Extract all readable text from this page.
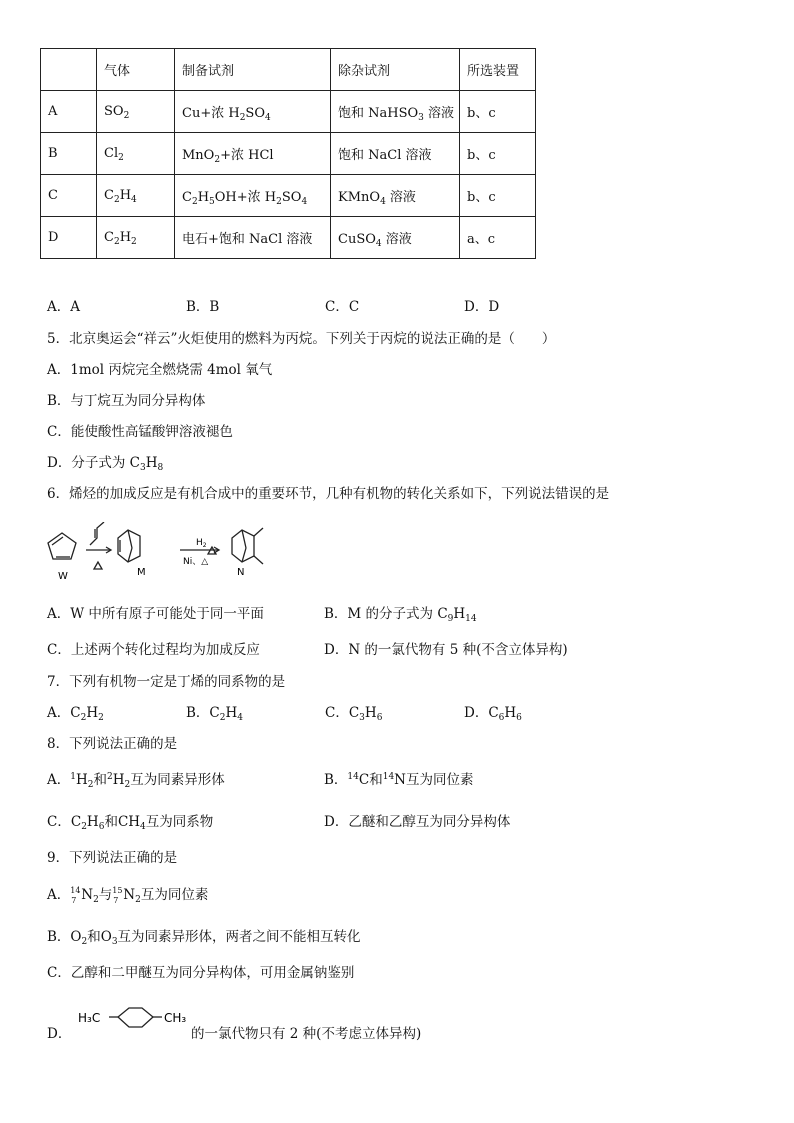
	气体	制备试剂	除杂试剂	所选装置
A	$SO_2$	Cu+浓 $H_2SO_4$	饱和 NaHSO$_3$ 溶液	b、c
B	$Cl_2$	MnO$_2$+浓 HCl	饱和 NaCl 溶液	b、c
C	$C_2H_4$	$C_2H_5OH+$浓 $H_2SO_4$	KMnO$_4$ 溶液	b、c
D	$C_2H_2$	电石+饱和 NaCl 溶液	CuSO$_4$ 溶液	a、c
A．A	B．B	C．C	D．D
5．北京奥运会“祥云”火炬使用的燃料为丙烷。下列关于丙烷的说法正确的是（　　）
A．1mol 丙烷完全燃烧需 4mol 氧气
B．与丁烷互为同分异构体
C．能使酸性高锰酸钾溶液褪色
D．分子式为 $C_3H_8$
6．烯烃的加成反应是有机合成中的重要环节，几种有机物的转化关系如下，下列说法错误的是
W	M	N
$H_2$
Ni、△
A．W 中所有原子可能处于同一平面	B．M 的分子式为 $C_9H_{14}$
C．上述两个转化过程均为加成反应	D．N 的一氯代物有 5 种(不含立体异构)
7．下列有机物一定是丁烯的同系物的是
A．$C_2H_2$	B．$C_2H_4$	C．$C_3H_6$	D．$C_6H_6$
8．下列说法正确的是
A．$^1H_2$和$^2H_2$互为同素异形体	B．$^{14}$C和$^{14}$N互为同位素
C．$C_2H_6$和$CH_4$互为同系物	D．乙醚和乙醇互为同分异构体
9．下列说法正确的是
A． 14
7 $N_2$与 15
7 $N_2$互为同位素
B．$O_2$和$O_3$互为同素异形体，两者之间不能相互转化
C．乙醇和二甲醚互为同分异构体，可用金属钠鉴别
D．
H₃C	CH₃
的一氯代物只有 2 种(不考虑立体异构)
